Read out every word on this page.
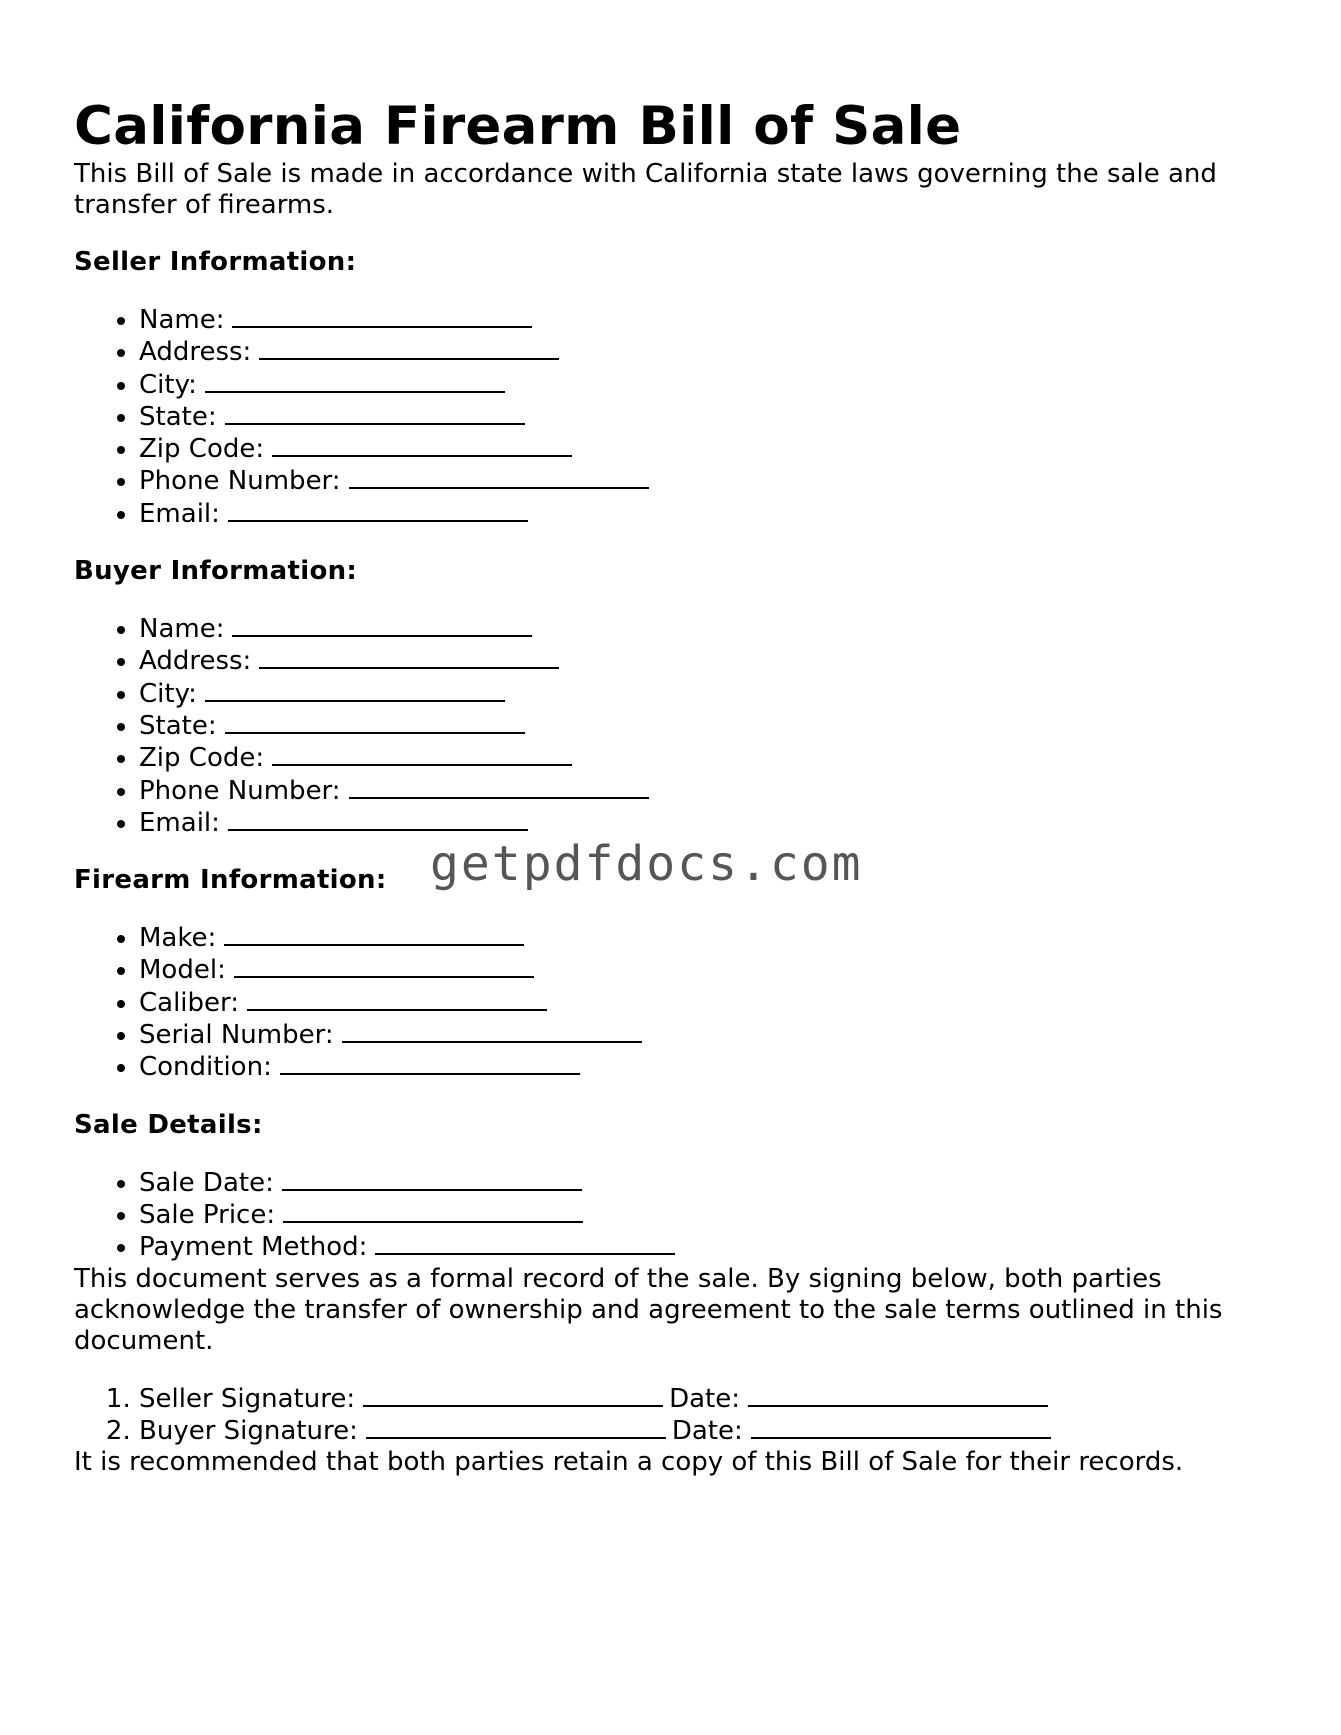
California Firearm Bill of Sale

This Bill of Sale is made in accordance with California state laws governing the sale and transfer of firearms.

Seller Information:
• Name:
• Address:
• City:
• State:
• Zip Code:
• Phone Number:
• Email:
Buyer Information:
• Name:
• Address:
• City:
• State:
• Zip Code:
• Phone Number:
• Email:
Firearm Information:
• Make:
• Model:
• Caliber:
• Serial Number:
• Condition:
Sale Details:
• Sale Date:
• Sale Price:
• Payment Method:

This document serves as a formal record of the sale. By signing below, both parties acknowledge the transfer of ownership and agreement to the sale terms outlined in this document.

1. Seller Signature:	Date:
2. Buyer Signature:	Date:

It is recommended that both parties retain a copy of this Bill of Sale for their records.

getpdfdocs.com
